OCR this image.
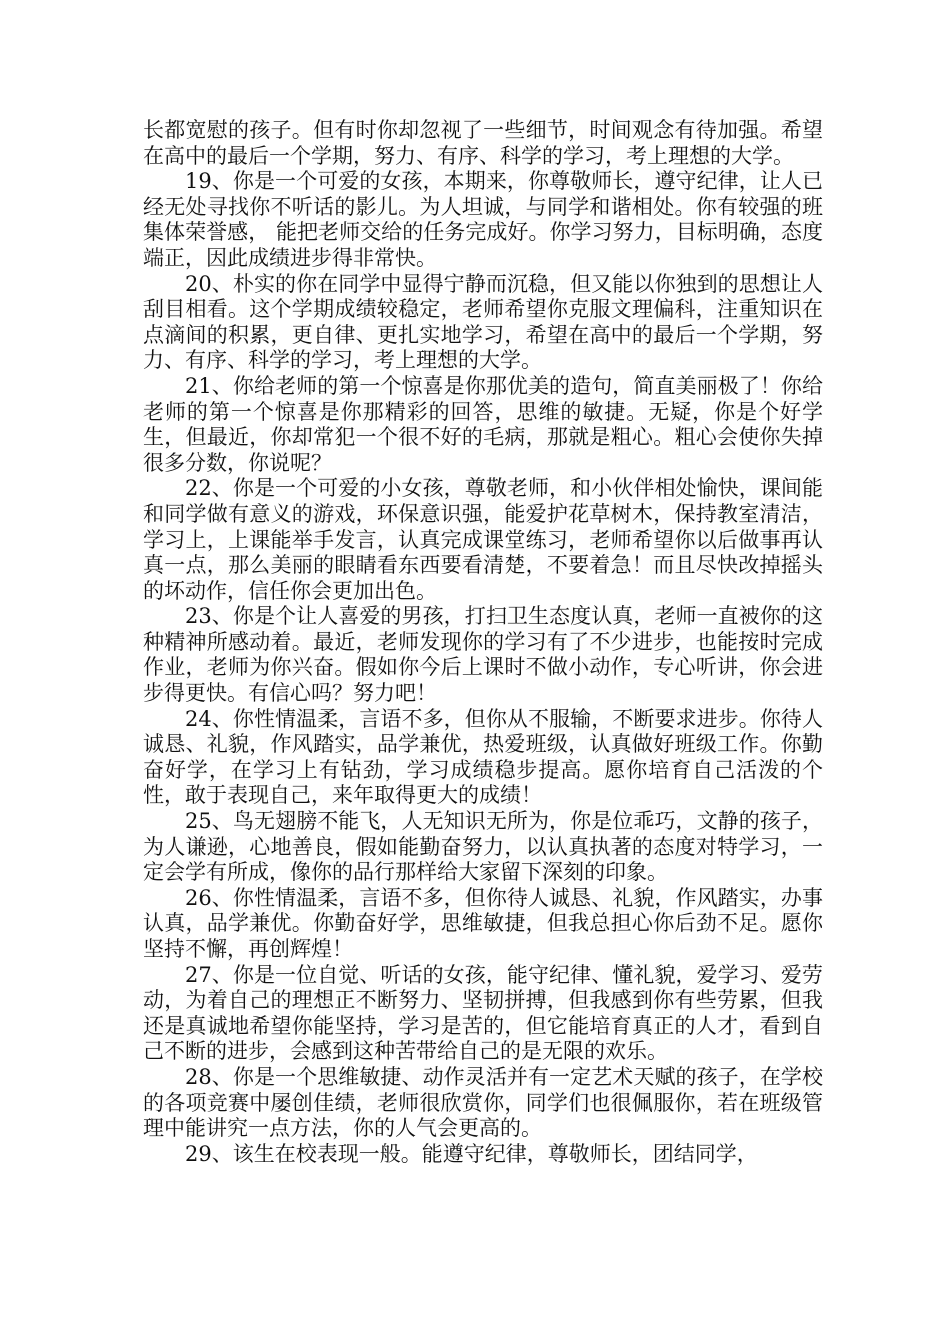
长都宽慰的孩子。但有时你却忽视了一些细节，时间观念有待加强。希望在高中的最后一个学期，努力、有序、科学的学习，考上理想的大学。

19、你是一个可爱的女孩，本期来，你尊敬师长，遵守纪律，让人已经无处寻找你不听话的影儿。为人坦诚，与同学和谐相处。你有较强的班集体荣誉感， 能把老师交给的任务完成好。你学习努力，目标明确，态度端正，因此成绩进步得非常快。

20、朴实的你在同学中显得宁静而沉稳，但又能以你独到的思想让人刮目相看。这个学期成绩较稳定，老师希望你克服文理偏科，注重知识在点滴间的积累，更自律、更扎实地学习，希望在高中的最后一个学期，努力、有序、科学的学习，考上理想的大学。

21、你给老师的第一个惊喜是你那优美的造句，简直美丽极了！你给老师的第一个惊喜是你那精彩的回答，思维的敏捷。无疑，你是个好学生，但最近，你却常犯一个很不好的毛病，那就是粗心。粗心会使你失掉很多分数，你说呢？

22、你是一个可爱的小女孩，尊敬老师，和小伙伴相处愉快，课间能和同学做有意义的游戏，环保意识强，能爱护花草树木，保持教室清洁，学习上，上课能举手发言，认真完成课堂练习，老师希望你以后做事再认真一点，那么美丽的眼睛看东西要看清楚，不要着急！而且尽快改掉摇头的坏动作，信任你会更加出色。

23、你是个让人喜爱的男孩，打扫卫生态度认真，老师一直被你的这种精神所感动着。最近，老师发现你的学习有了不少进步，也能按时完成作业，老师为你兴奋。假如你今后上课时不做小动作，专心听讲，你会进步得更快。有信心吗？努力吧！

24、你性情温柔，言语不多，但你从不服输，不断要求进步。你待人诚恳、礼貌，作风踏实，品学兼优，热爱班级，认真做好班级工作。你勤奋好学，在学习上有钻劲，学习成绩稳步提高。愿你培育自己活泼的个性，敢于表现自己，来年取得更大的成绩！

25、鸟无翅膀不能飞，人无知识无所为，你是位乖巧，文静的孩子，为人谦逊，心地善良，假如能勤奋努力，以认真执著的态度对特学习，一定会学有所成，像你的品行那样给大家留下深刻的印象。

26、你性情温柔，言语不多，但你待人诚恳、礼貌，作风踏实，办事认真，品学兼优。你勤奋好学，思维敏捷，但我总担心你后劲不足。愿你坚持不懈，再创辉煌！

27、你是一位自觉、听话的女孩，能守纪律、懂礼貌，爱学习、爱劳动，为着自己的理想正不断努力、坚韧拼搏，但我感到你有些劳累，但我还是真诚地希望你能坚持，学习是苦的，但它能培育真正的人才，看到自己不断的进步，会感到这种苦带给自己的是无限的欢乐。

28、你是一个思维敏捷、动作灵活并有一定艺术天赋的孩子，在学校的各项竞赛中屡创佳绩，老师很欣赏你，同学们也很佩服你，若在班级管理中能讲究一点方法，你的人气会更高的。

29、该生在校表现一般。能遵守纪律，尊敬师长，团结同学，
